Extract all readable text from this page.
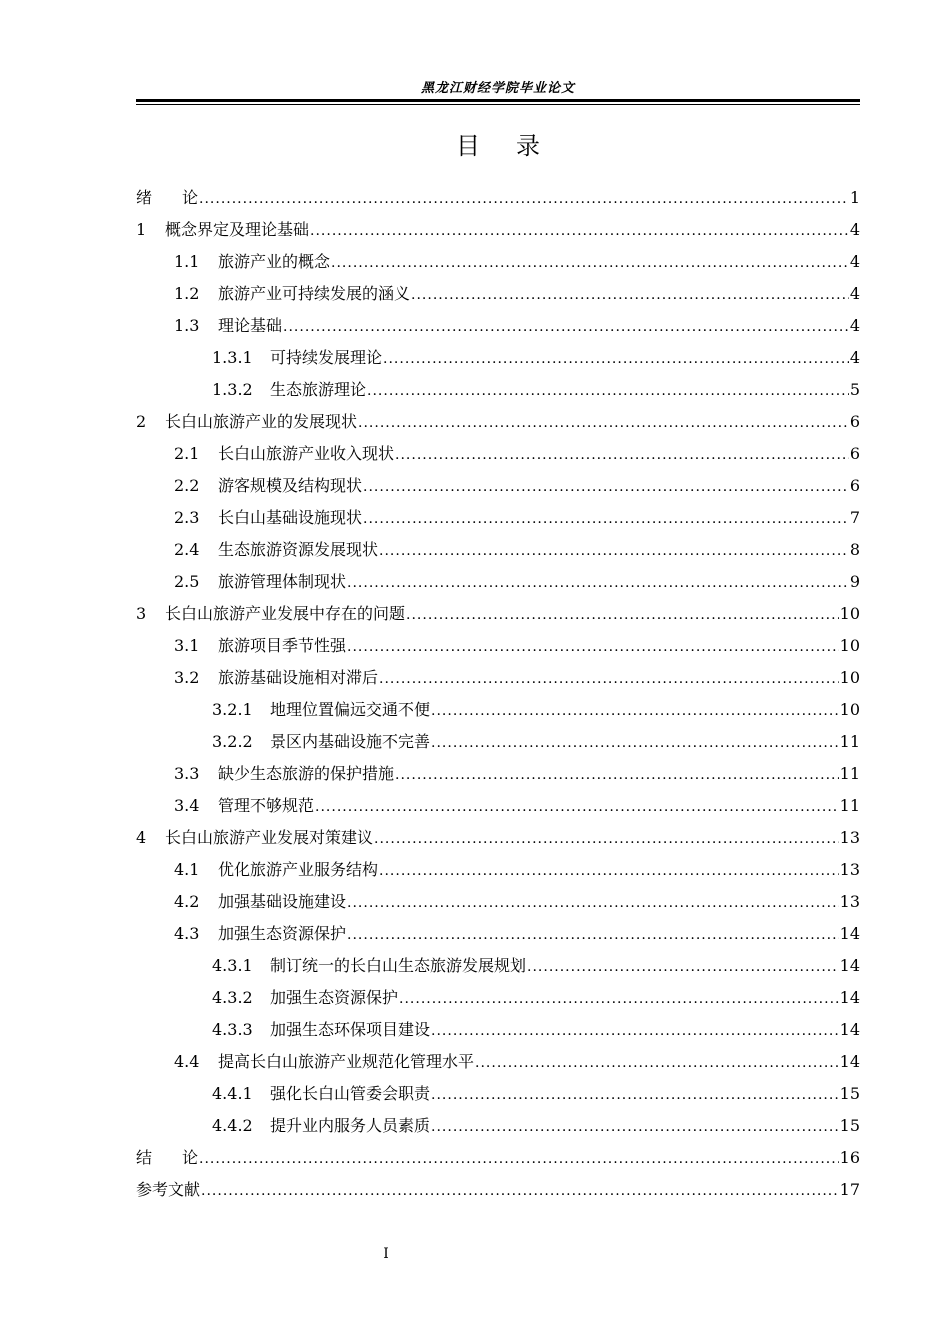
黑龙江财经学院毕业论文
目录
绪论 .....	1
1	概念界定及理论基础 .....	4
1.1	旅游产业的概念 .....	4
1.2	旅游产业可持续发展的涵义 .....	4
1.3	理论基础 .....	4
1.3.1	可持续发展理论 .....	4
1.3.2	生态旅游理论 .....	5
2	长白山旅游产业的发展现状 .....	6
2.1	长白山旅游产业收入现状 .....	6
2.2	游客规模及结构现状 .....	6
2.3	长白山基础设施现状 .....	7
2.4	生态旅游资源发展现状 .....	8
2.5	旅游管理体制现状 .....	9
3	长白山旅游产业发展中存在的问题 .....	10
3.1	旅游项目季节性强 .....	10
3.2	旅游基础设施相对滞后 .....	10
3.2.1	地理位置偏远交通不便 .....	10
3.2.2	景区内基础设施不完善 .....	11
3.3	缺少生态旅游的保护措施 .....	11
3.4	管理不够规范 .....	11
4	长白山旅游产业发展对策建议 .....	13
4.1	优化旅游产业服务结构 .....	13
4.2	加强基础设施建设 .....	13
4.3	加强生态资源保护 .....	14
4.3.1	制订统一的长白山生态旅游发展规划 .....	14
4.3.2	加强生态资源保护 .....	14
4.3.3	加强生态环保项目建设 .....	14
4.4	提高长白山旅游产业规范化管理水平 .....	14
4.4.1	强化长白山管委会职责 .....	15
4.4.2	提升业内服务人员素质 .....	15
结论 .....	16
参考文献 .....	17
I
